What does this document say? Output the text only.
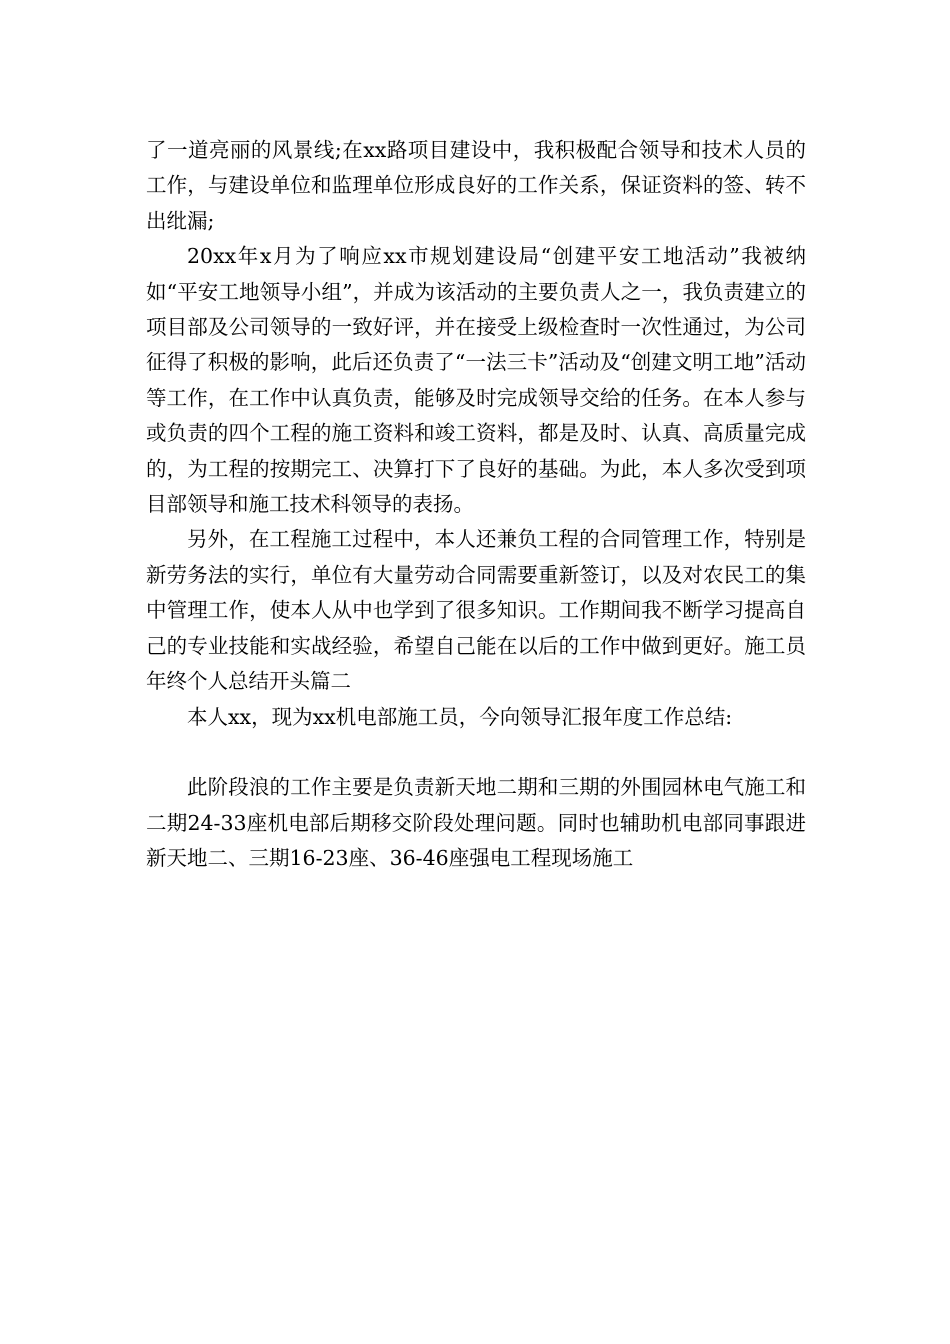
了一道亮丽的风景线;在xx路项目建设中，我积极配合领导和技术人员的工作，与建设单位和监理单位形成良好的工作关系，保证资料的签、转不出纰漏;

20xx年x月为了响应xx市规划建设局“创建平安工地活动”我被纳如“平安工地领导小组”，并成为该活动的主要负责人之一，我负责建立的项目部及公司领导的一致好评，并在接受上级检查时一次性通过，为公司征得了积极的影响，此后还负责了“一法三卡”活动及“创建文明工地”活动等工作，在工作中认真负责，能够及时完成领导交给的任务。在本人参与或负责的四个工程的施工资料和竣工资料，都是及时、认真、高质量完成的，为工程的按期完工、决算打下了良好的基础。为此，本人多次受到项目部领导和施工技术科领导的表扬。

另外，在工程施工过程中，本人还兼负工程的合同管理工作，特别是新劳务法的实行，单位有大量劳动合同需要重新签订，以及对农民工的集中管理工作，使本人从中也学到了很多知识。工作期间我不断学习提高自己的专业技能和实战经验，希望自己能在以后的工作中做到更好。施工员年终个人总结开头篇二

本人xx，现为xx机电部施工员，今向领导汇报年度工作总结:

此阶段浪的工作主要是负责新天地二期和三期的外围园林电气施工和二期24-33座机电部后期移交阶段处理问题。同时也辅助机电部同事跟进新天地二、三期16-23座、36-46座强电工程现场施工
